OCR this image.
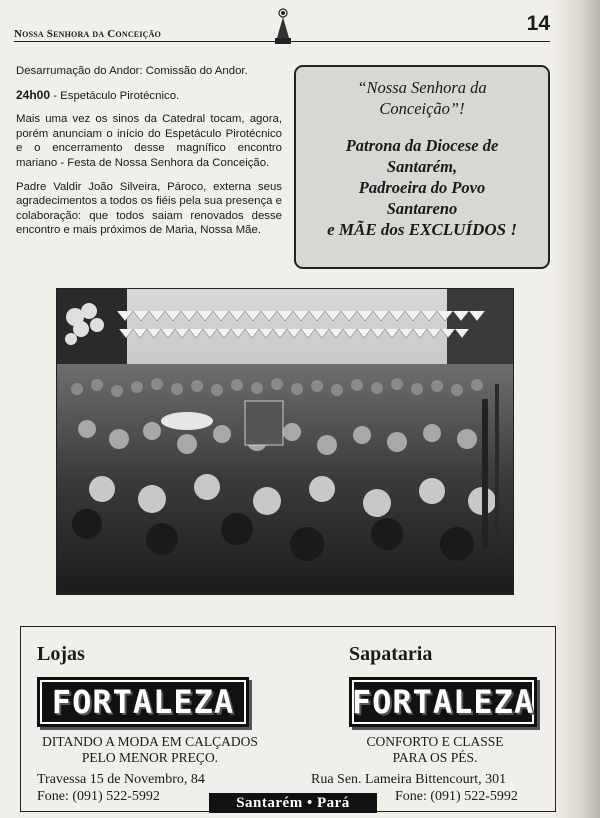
Nossa Senhora da Conceição	14

Desarrumação do Andor: Comissão do Andor.

24h00 - Espetáculo Pirotécnico.

Mais uma vez os sinos da Catedral tocam, agora, porém anunciam o início do Espetáculo Pirotécnico e o encerramento desse magnífico encontro mariano - Festa de Nossa Senhora da Conceição.

Padre Valdir João Silveira, Pároco, externa seus agradecimentos a todos os fiéis pela sua presença e colaboração: que todos saiam renovados desse encontro e mais próximos de Maria, Nossa Mãe.

“Nossa Senhora da
Conceição”!
Patrona da Diocese de
Santarém,
Padroeira do Povo
Santareno
e MÃE dos EXCLUÍDOS !
Lojas
FORTALEZA
DITANDO A MODA EM CALÇADOS
PELO MENOR PREÇO.
Travessa 15 de Novembro, 84
Fone: (091) 522-5992
Sapataria
FORTALEZA
CONFORTO E CLASSE
PARA OS PÉS.
Rua Sen. Lameira Bittencourt, 301
Fone: (091) 522-5992
Santarém • Pará
